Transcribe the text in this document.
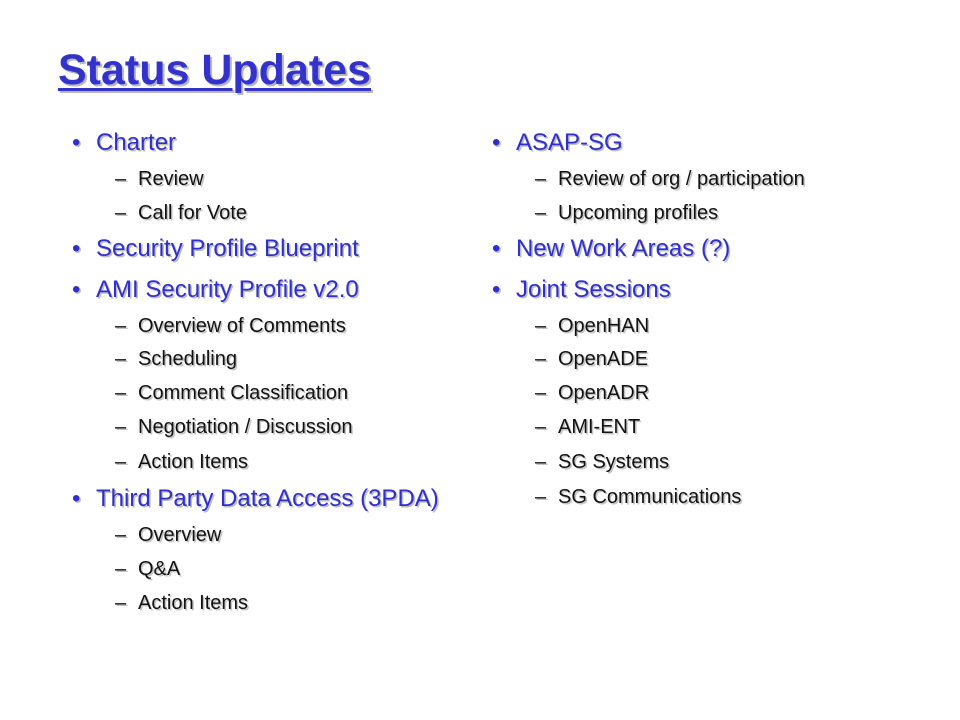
Status Updates
• Charter
– Review
– Call for Vote
• Security Profile Blueprint
• AMI Security Profile v2.0
– Overview of Comments
– Scheduling
– Comment Classification
– Negotiation / Discussion
– Action Items
• Third Party Data Access (3PDA)
– Overview
– Q&A
– Action Items
• ASAP-SG
– Review of org / participation
– Upcoming profiles
• New Work Areas (?)
• Joint Sessions
– OpenHAN
– OpenADE
– OpenADR
– AMI-ENT
– SG Systems
– SG Communications
